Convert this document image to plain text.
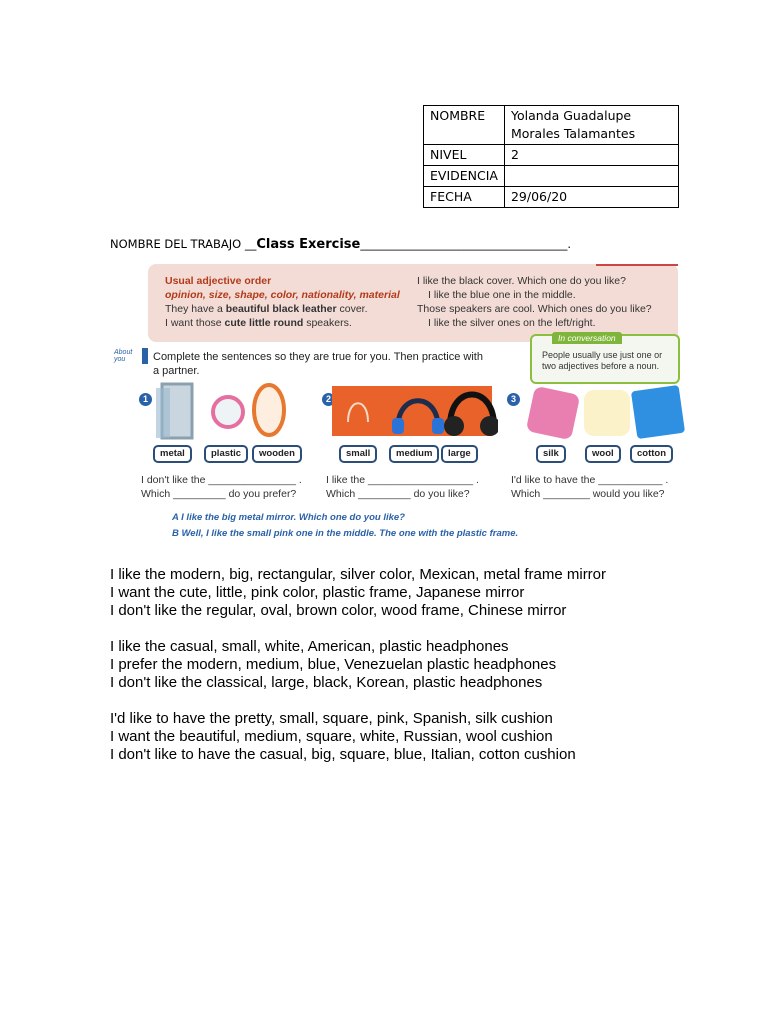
NOMBRE	Yolanda Guadalupe Morales Talamantes
NIVEL	2
EVIDENCIA	
FECHA	29/06/20
NOMBRE DEL TRABAJO __Class Exercise____________________________________.
Usual adjective order
opinion, size, shape, color, nationality, material
They have a beautiful black leather cover.
I want those cute little round speakers.
I like the black cover. Which one do you like?
I like the blue one in the middle.
Those speakers are cool. Which ones do you like?
I like the silver ones on the left/right.
About you	Complete the sentences so they are true for you. Then practice with
a partner.
In conversation
People usually use just one or two adjectives before a noun.
1
metal	plastic	wooden
I don't like the _______________ .
Which _________ do you prefer?
2
small	medium	large
I like the __________________ .
Which _________ do you like?
3
silk	wool	cotton
I'd like to have the ___________ .
Which ________ would you like?
A I like the big metal mirror. Which one do you like?
B Well, I like the small pink one in the middle. The one with the plastic frame.

I like the modern, big, rectangular, silver color, Mexican, metal frame mirror

I want the cute, little, pink color, plastic frame, Japanese mirror

I don't like the regular, oval, brown color, wood frame, Chinese mirror

I like the casual, small, white, American, plastic headphones

I prefer the modern, medium, blue, Venezuelan plastic headphones

I don't like the classical, large, black, Korean, plastic headphones

I'd like to have the pretty, small, square, pink, Spanish, silk cushion

I want the beautiful, medium, square, white, Russian, wool cushion

I don't like to have the casual, big, square, blue, Italian, cotton cushion
